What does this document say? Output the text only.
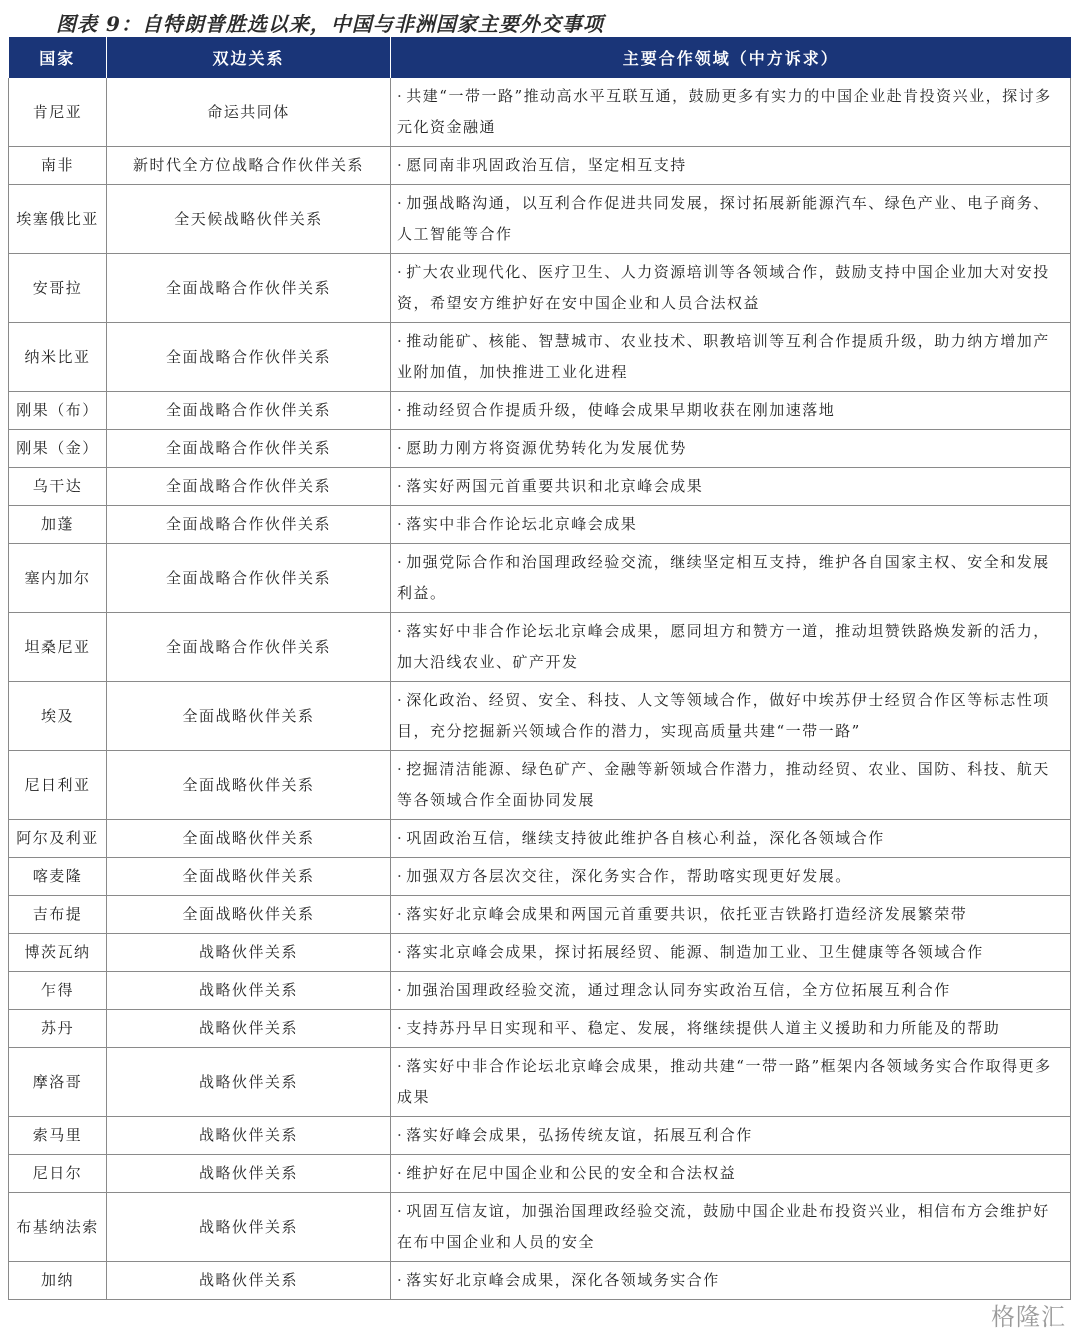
图表 9：自特朗普胜选以来，中国与非洲国家主要外交事项
国家	双边关系	主要合作领域（中方诉求）
肯尼亚	命运共同体	· 共建“一带一路”推动高水平互联互通，鼓励更多有实力的中国企业赴肯投资兴业，探讨多元化资金融通
南非	新时代全方位战略合作伙伴关系	· 愿同南非巩固政治互信，坚定相互支持
埃塞俄比亚	全天候战略伙伴关系	· 加强战略沟通，以互利合作促进共同发展，探讨拓展新能源汽车、绿色产业、电子商务、人工智能等合作
安哥拉	全面战略合作伙伴关系	· 扩大农业现代化、医疗卫生、人力资源培训等各领域合作，鼓励支持中国企业加大对安投资，希望安方维护好在安中国企业和人员合法权益
纳米比亚	全面战略合作伙伴关系	· 推动能矿、核能、智慧城市、农业技术、职教培训等互利合作提质升级，助力纳方增加产业附加值，加快推进工业化进程
刚果（布）	全面战略合作伙伴关系	· 推动经贸合作提质升级，使峰会成果早期收获在刚加速落地
刚果（金）	全面战略合作伙伴关系	· 愿助力刚方将资源优势转化为发展优势
乌干达	全面战略合作伙伴关系	· 落实好两国元首重要共识和北京峰会成果
加蓬	全面战略合作伙伴关系	· 落实中非合作论坛北京峰会成果
塞内加尔	全面战略合作伙伴关系	· 加强党际合作和治国理政经验交流，继续坚定相互支持，维护各自国家主权、安全和发展利益。
坦桑尼亚	全面战略合作伙伴关系	· 落实好中非合作论坛北京峰会成果，愿同坦方和赞方一道，推动坦赞铁路焕发新的活力，加大沿线农业、矿产开发
埃及	全面战略伙伴关系	· 深化政治、经贸、安全、科技、人文等领域合作，做好中埃苏伊士经贸合作区等标志性项目，充分挖掘新兴领域合作的潜力，实现高质量共建“一带一路”
尼日利亚	全面战略伙伴关系	· 挖掘清洁能源、绿色矿产、金融等新领域合作潜力，推动经贸、农业、国防、科技、航天等各领域合作全面协同发展
阿尔及利亚	全面战略伙伴关系	· 巩固政治互信，继续支持彼此维护各自核心利益，深化各领域合作
喀麦隆	全面战略伙伴关系	· 加强双方各层次交往，深化务实合作，帮助喀实现更好发展。
吉布提	全面战略伙伴关系	· 落实好北京峰会成果和两国元首重要共识，依托亚吉铁路打造经济发展繁荣带
博茨瓦纳	战略伙伴关系	· 落实北京峰会成果，探讨拓展经贸、能源、制造加工业、卫生健康等各领域合作
乍得	战略伙伴关系	· 加强治国理政经验交流，通过理念认同夯实政治互信，全方位拓展互利合作
苏丹	战略伙伴关系	· 支持苏丹早日实现和平、稳定、发展，将继续提供人道主义援助和力所能及的帮助
摩洛哥	战略伙伴关系	· 落实好中非合作论坛北京峰会成果，推动共建“一带一路”框架内各领域务实合作取得更多成果
索马里	战略伙伴关系	· 落实好峰会成果，弘扬传统友谊，拓展互利合作
尼日尔	战略伙伴关系	· 维护好在尼中国企业和公民的安全和合法权益
布基纳法索	战略伙伴关系	· 巩固互信友谊，加强治国理政经验交流，鼓励中国企业赴布投资兴业，相信布方会维护好在布中国企业和人员的安全
加纳	战略伙伴关系	· 落实好北京峰会成果，深化各领域务实合作
格隆汇
